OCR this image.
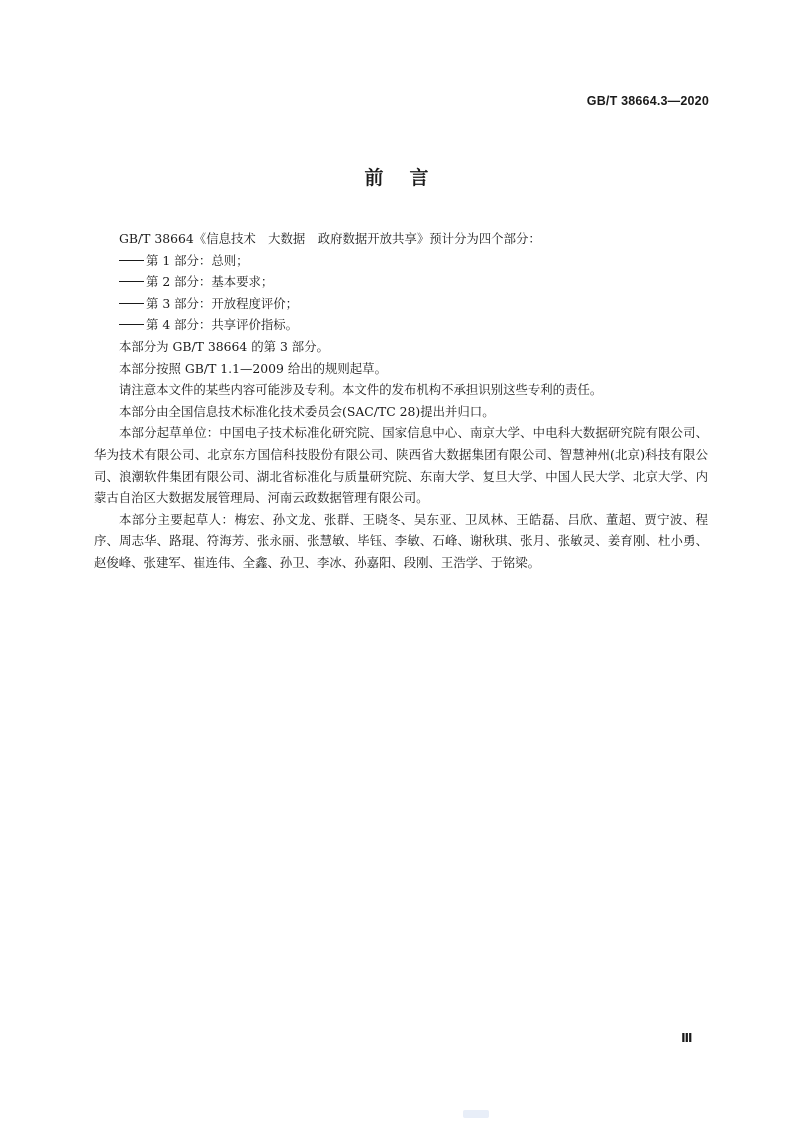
GB/T 38664.3—2020
前言

GB/T 38664《信息技术　大数据　政府数据开放共享》预计分为四个部分：

第 1 部分：总则；

第 2 部分：基本要求；

第 3 部分：开放程度评价；

第 4 部分：共享评价指标。

本部分为 GB/T 38664 的第 3 部分。

本部分按照 GB/T 1.1—2009 给出的规则起草。

请注意本文件的某些内容可能涉及专利。本文件的发布机构不承担识别这些专利的责任。

本部分由全国信息技术标准化技术委员会(SAC/TC 28)提出并归口。

本部分起草单位：中国电子技术标准化研究院、国家信息中心、南京大学、中电科大数据研究院有限公司、华为技术有限公司、北京东方国信科技股份有限公司、陕西省大数据集团有限公司、智慧神州(北京)科技有限公司、浪潮软件集团有限公司、湖北省标准化与质量研究院、东南大学、复旦大学、中国人民大学、北京大学、内蒙古自治区大数据发展管理局、河南云政数据管理有限公司。

本部分主要起草人：梅宏、孙文龙、张群、王晓冬、吴东亚、卫凤林、王皓磊、吕欣、董超、贾宁波、程序、周志华、路琨、符海芳、张永丽、张慧敏、毕钰、李敏、石峰、谢秋琪、张月、张敏灵、姜育刚、杜小勇、赵俊峰、张建军、崔连伟、全鑫、孙卫、李冰、孙嘉阳、段刚、王浩学、于铭梁。

Ⅲ
